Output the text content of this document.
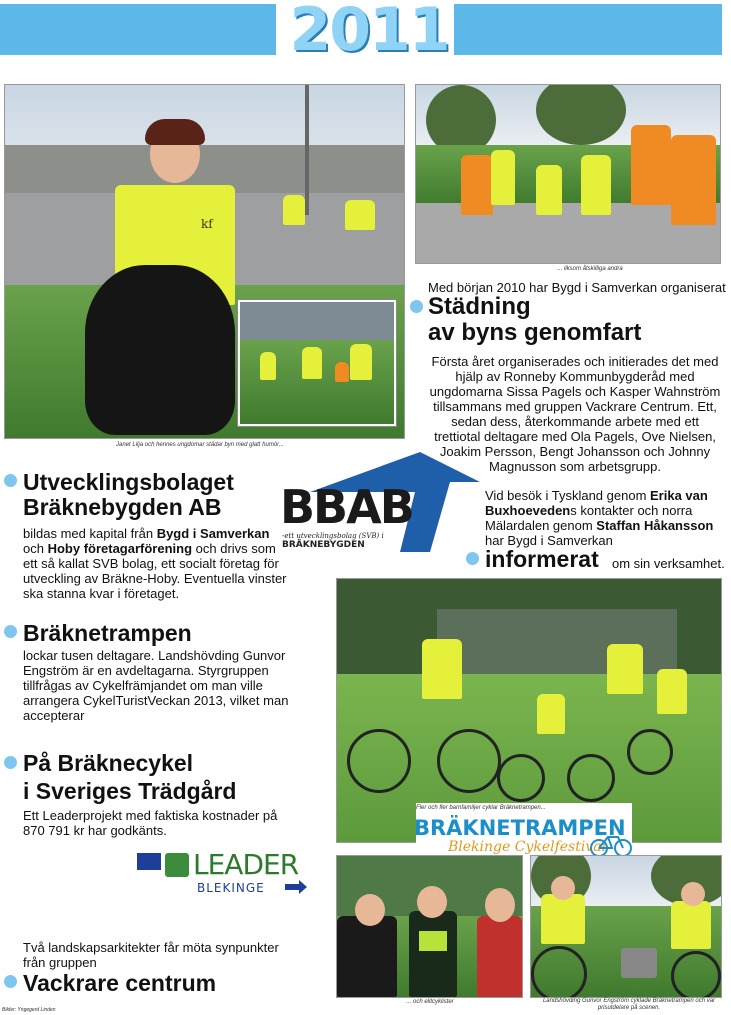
2011
kf
Janet Lilja och hennes ungdomar städar byn med glatt humör...
... liksom åtskilliga andra

Med början 2010 har Bygd i Samverkan organiserat

Städning
av byns genomfart

Första året organiserades och initierades det med hjälp av Ronneby Kommunbygderåd med ungdomarna Sissa Pagels och Kasper Wahnström tillsammans med gruppen Vackrare Centrum. Ett, sedan dess, återkommande arbete med ett trettiotal deltagare med Ola Pagels, Ove Nielsen, Joakim Persson, Bengt Johansson och Johnny Magnusson som arbetsgrupp.

Utvecklingsbolaget
Bräknebygden AB

bildas med kapital från Bygd i Samverkan och Hoby företagarförening och drivs som ett så kallat SVB bolag, ett socialt företag för utveckling av Bräkne-Hoby. Eventuella vinster ska stanna kvar i företaget.

BBAB
-ett utvecklingsbolag (SVB) i
BRÄKNEBYGDEN

Vid besök i Tyskland genom Erika van Buxhoevedens kontakter och norra Mälardalen genom Staffan Håkansson har Bygd i Samverkan

informerat om sin verksamhet.
Fler och fler barnfamiljer cyklar Bräknetrampen...
BRÄKNETRAMPEN
Blekinge Cykelfestival
Bräknetrampen

lockar tusen deltagare. Landshövding Gunvor Engström är en avdeltagarna. Styrgruppen tillfrågas av Cykelfrämjandet om man ville arrangera CykelTuristVeckan 2013, vilket man accepterar

På Bräknecykel
i Sveriges Trädgård

Ett Leaderprojekt med faktiska kostnader på 870 791 kr har godkänts.

LEADER
BLEKINGE

Två landskapsarkitekter får möta synpunkter från gruppen

Vackrare centrum
Bilder: Yngegerd Linden
... och elitcyklister	Landshövding Gunvor Engström cyklade Bräknetrampen och var prisutdelare på scenen.
